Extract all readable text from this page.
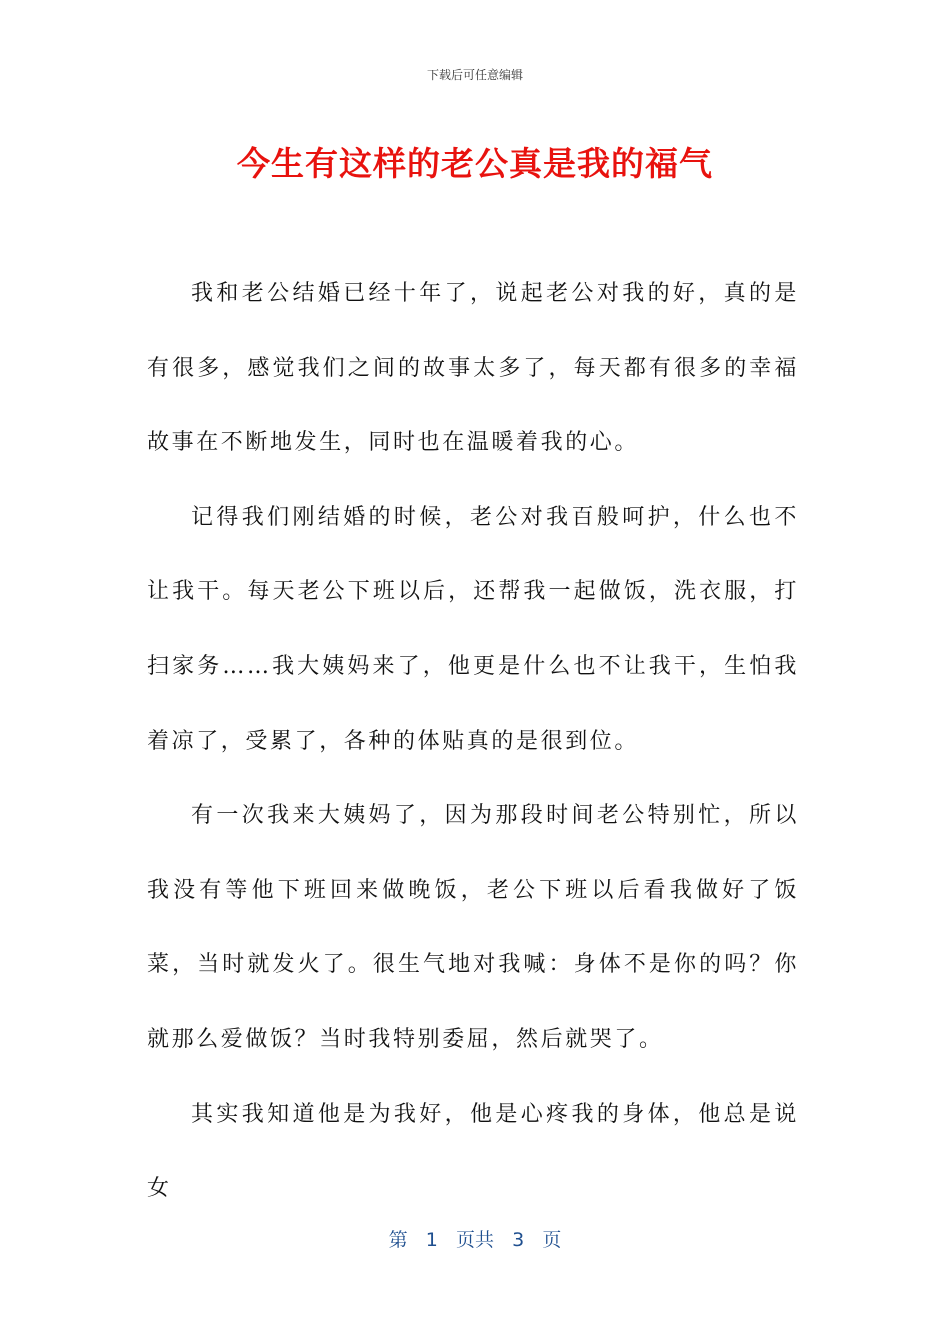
下载后可任意编辑
今生有这样的老公真是我的福气

我和老公结婚已经十年了，说起老公对我的好，真的是有很多，感觉我们之间的故事太多了，每天都有很多的幸福故事在不断地发生，同时也在温暖着我的心。

记得我们刚结婚的时候，老公对我百般呵护，什么也不让我干。每天老公下班以后，还帮我一起做饭，洗衣服，打扫家务……我大姨妈来了，他更是什么也不让我干，生怕我着凉了，受累了，各种的体贴真的是很到位。

有一次我来大姨妈了，因为那段时间老公特别忙，所以我没有等他下班回来做晚饭，老公下班以后看我做好了饭菜，当时就发火了。很生气地对我喊：身体不是你的吗？你就那么爱做饭？当时我特别委屈，然后就哭了。

其实我知道他是为我好，他是心疼我的身体，他总是说女

第 1 页共 3 页
